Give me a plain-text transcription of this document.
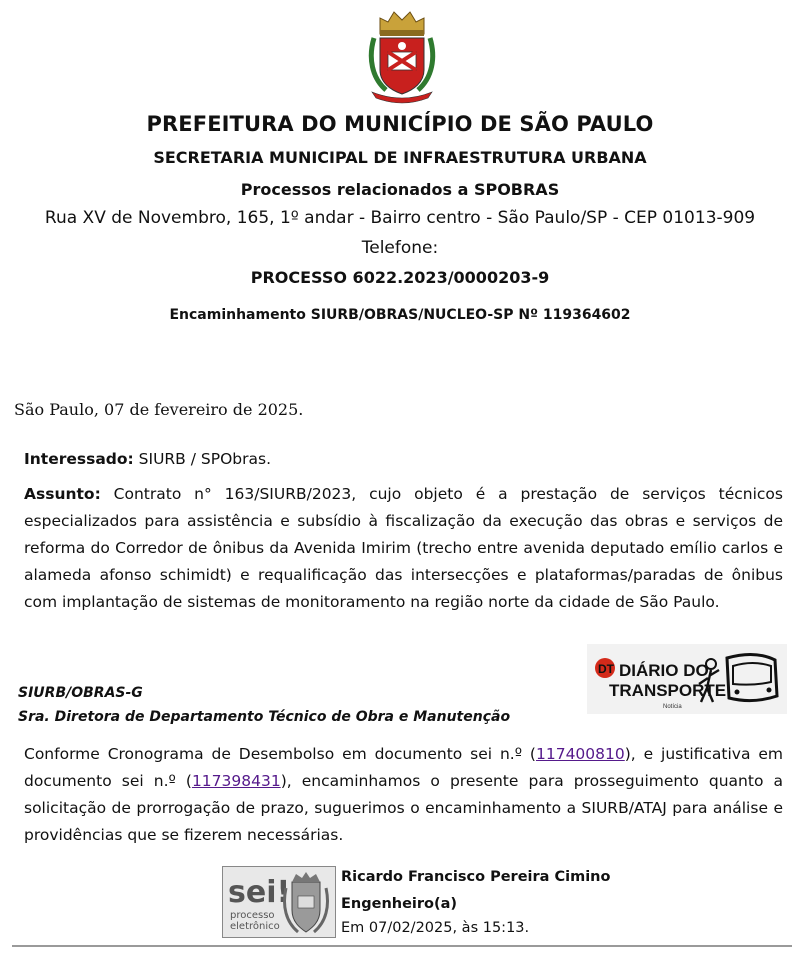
PREFEITURA DO MUNICÍPIO DE SÃO PAULO
SECRETARIA MUNICIPAL DE INFRAESTRUTURA URBANA
Processos relacionados a SPOBRAS
Rua XV de Novembro, 165, 1º andar - Bairro centro - São Paulo/SP - CEP 01013-909
Telefone:
PROCESSO 6022.2023/0000203-9
Encaminhamento SIURB/OBRAS/NUCLEO-SP Nº 119364602
São Paulo, 07 de fevereiro de 2025.
Interessado: SIURB / SPObras.
Assunto: Contrato n° 163/SIURB/2023, cujo objeto é a prestação de serviços técnicos especializados para assistência e subsídio à fiscalização da execução das obras e serviços de reforma do Corredor de ônibus da Avenida Imirim (trecho entre avenida deputado emílio carlos e alameda afonso schimidt) e requalificação das intersecções e plataformas/paradas de ônibus com implantação de sistemas de monitoramento na região norte da cidade de São Paulo.
DT DIÁRIO DO
TRANSPORTE
Notícia
SIURB/OBRAS-G
Sra. Diretora de Departamento Técnico de Obra e Manutenção
Conforme Cronograma de Desembolso em documento sei n.º (117400810), e justificativa em documento sei n.º (117398431), encaminhamos o presente para prosseguimento quanto a solicitação de prorrogação de prazo, suguerimos o encaminhamento a SIURB/ATAJ para análise e providências que se fizerem necessárias.
sei!
processo
eletrônico
Ricardo Francisco Pereira Cimino
Engenheiro(a)
Em 07/02/2025, às 15:13.
